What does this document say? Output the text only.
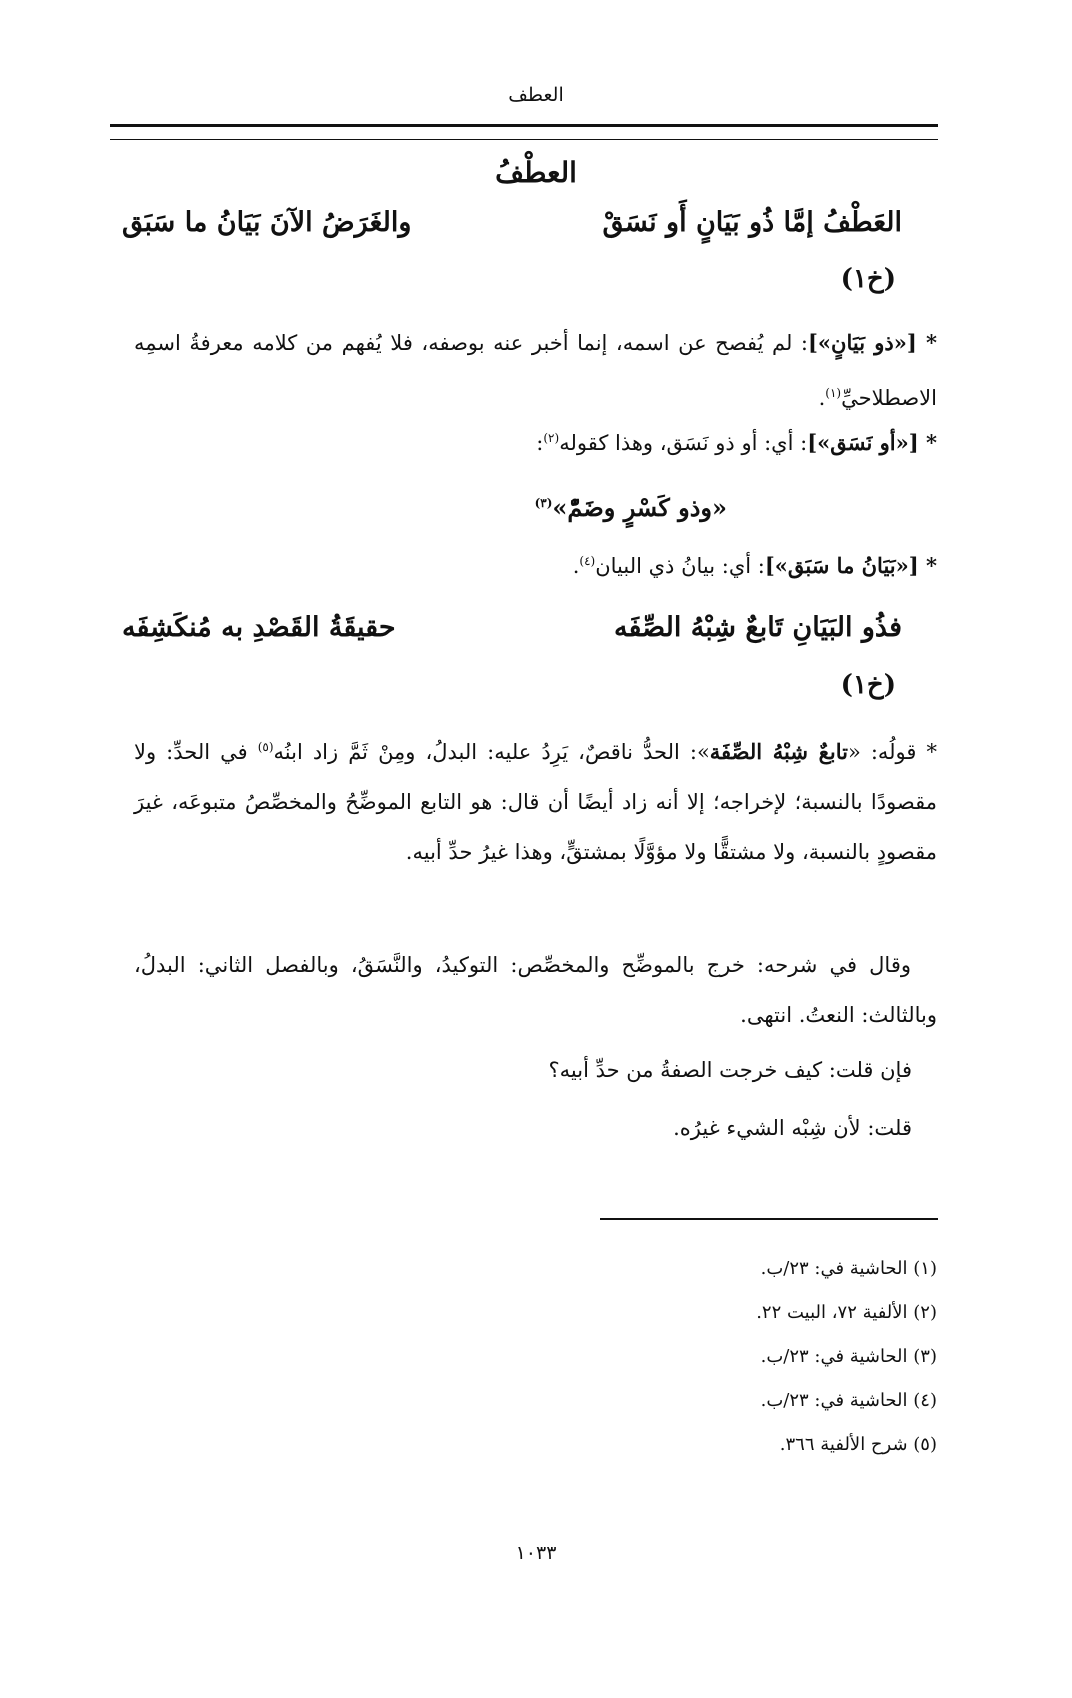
العطف
العطْفُ
العَطْفُ إمَّا ذُو بَيَانٍ أَو نَسَقْ
والغَرَضُ الآنَ بَيَانُ ما سَبَق
(خ١)
* [«ذو بَيَانٍ»]: لم يُفصح عن اسمه، إنما أخبر عنه بوصفه، فلا يُفهم من كلامه معرفةُ اسمِه الاصطلاحيِّ$^{(١)}$.
* [«أو نَسَق»]: أي: أو ذو نَسَق، وهذا كقوله$^{(٢)}$:
«وذو كَسْرٍ وضَمّْ»$^{(٣)}$
* [«بَيَانُ ما سَبَق»]: أي: بيانُ ذي البيان$^{(٤)}$.
فذُو البَيَانِ تَابعٌ شِبْهُ الصِّفَه
حقيقَةُ القَصْدِ به مُنكَشِفَه
(خ١)
* قولُه: «تابعٌ شِبْهُ الصِّفَة»: الحدُّ ناقصٌ، يَرِدُ عليه: البدلُ، ومِنْ ثَمَّ زاد ابنُه$^{(٥)}$ في الحدِّ: ولا مقصودًا بالنسبة؛ لإخراجه؛ إلا أنه زاد أيضًا أن قال: هو التابع الموضِّحُ والمخصِّصُ متبوعَه، غيرَ مقصودٍ بالنسبة، ولا مشتقًّا ولا مؤوَّلًا بمشتقٍّ، وهذا غيرُ حدِّ أبيه.
وقال في شرحه: خرج بالموضِّح والمخصِّص: التوكيدُ، والنَّسَقُ، وبالفصل الثاني: البدلُ، وبالثالث: النعتُ. انتهى.
فإن قلت: كيف خرجت الصفةُ من حدِّ أبيه؟
قلت: لأن شِبْه الشيء غيرُه.
(١) الحاشية في: ٢٣/ب.
(٢) الألفية ٧٢، البيت ٢٢.
(٣) الحاشية في: ٢٣/ب.
(٤) الحاشية في: ٢٣/ب.
(٥) شرح الألفية ٣٦٦.
١٠٣٣
